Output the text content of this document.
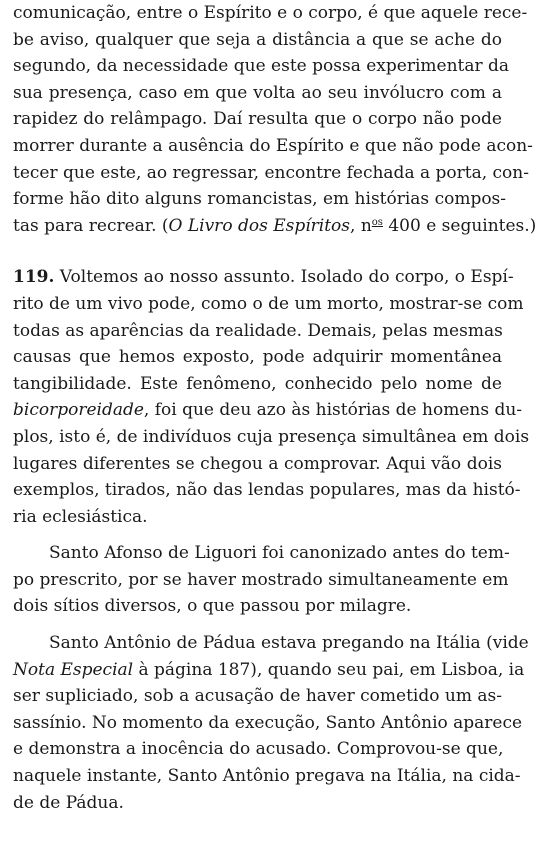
comunicação, entre o Espírito e o corpo, é que aquele rece-
be aviso, qualquer que seja a distância a que se ache do
segundo, da necessidade que este possa experimentar da
sua presença, caso em que volta ao seu invólucro com a
rapidez do relâmpago. Daí resulta que o corpo não pode
morrer durante a ausência do Espírito e que não pode acon-
tecer que este, ao regressar, encontre fechada a porta, con-
forme hão dito alguns romancistas, em histórias compos-
tas para recrear. (O Livro dos Espíritos, $n^{os}$ 400 e seguintes.)
119. Voltemos ao nosso assunto. Isolado do corpo, o Espí-
rito de um vivo pode, como o de um morto, mostrar-se com
todas as aparências da realidade. Demais, pelas mesmas
causas que hemos exposto, pode adquirir momentânea
tangibilidade. Este fenômeno, conhecido pelo nome de
bicorporeidade, foi que deu azo às histórias de homens du-
plos, isto é, de indivíduos cuja presença simultânea em dois
lugares diferentes se chegou a comprovar. Aqui vão dois
exemplos, tirados, não das lendas populares, mas da histó-
ria eclesiástica.
Santo Afonso de Liguori foi canonizado antes do tem-
po prescrito, por se haver mostrado simultaneamente em
dois sítios diversos, o que passou por milagre.
Santo Antônio de Pádua estava pregando na Itália (vide
Nota Especial à página 187), quando seu pai, em Lisboa, ia
ser supliciado, sob a acusação de haver cometido um as-
sassínio. No momento da execução, Santo Antônio aparece
e demonstra a inocência do acusado. Comprovou-se que,
naquele instante, Santo Antônio pregava na Itália, na cida-
de de Pádua.
